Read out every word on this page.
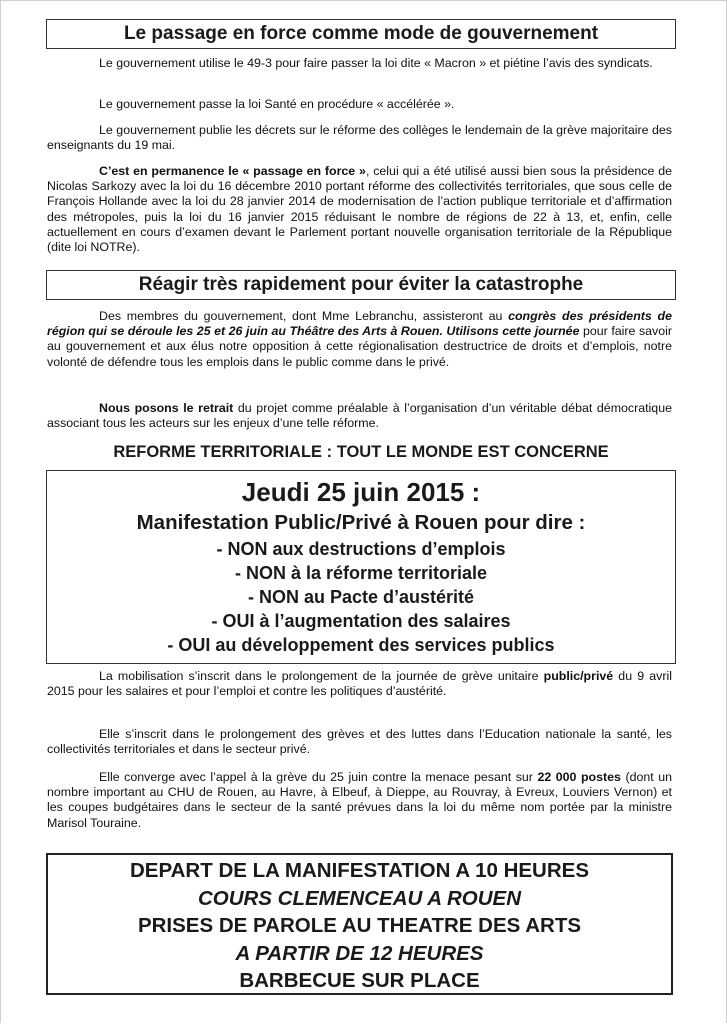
Le passage en force comme mode de gouvernement

Le gouvernement utilise le 49-3 pour faire passer la loi dite « Macron » et piétine l’avis des syndicats.

Le gouvernement passe la loi Santé en procédure « accélérée ».

Le gouvernement publie les décrets sur le réforme des collèges le lendemain de la grève majoritaire des enseignants du 19 mai.

C’est en permanence le « passage en force », celui qui a été utilisé aussi bien sous la présidence de Nicolas Sarkozy avec la loi du 16 décembre 2010 portant réforme des collectivités territoriales, que sous celle de François Hollande avec la loi du 28 janvier 2014 de modernisation de l’action publique territoriale et d’affirmation des métropoles, puis la loi du 16 janvier 2015 réduisant le nombre de régions de 22 à 13, et, enfin, celle actuellement en cours d’examen devant le Parlement portant nouvelle organisation territoriale de la République (dite loi NOTRe).

Réagir très rapidement pour éviter la catastrophe

Des membres du gouvernement, dont Mme Lebranchu, assisteront au congrès des présidents de région qui se déroule les 25 et 26 juin au Théâtre des Arts à Rouen. Utilisons cette journée pour faire savoir au gouvernement et aux élus notre opposition à cette régionalisation destructrice de droits et d’emplois, notre volonté de défendre tous les emplois dans le public comme dans le privé.

Nous posons le retrait du projet comme préalable à l’organisation d’un véritable débat démocratique associant tous les acteurs sur les enjeux d’une telle réforme.

REFORME TERRITORIALE : TOUT LE MONDE EST CONCERNE
Jeudi 25 juin 2015 :
Manifestation Public/Privé à Rouen pour dire :
- NON aux destructions d’emplois
- NON à la réforme territoriale
- NON au Pacte d’austérité
- OUI à l’augmentation des salaires
- OUI au développement des services publics

La mobilisation s’inscrit dans le prolongement de la journée de grève unitaire public/privé du 9 avril 2015 pour les salaires et pour l’emploi et contre les politiques d’austérité.

Elle s’inscrit dans le prolongement des grèves et des luttes dans l’Education nationale la santé, les collectivités territoriales et dans le secteur privé.

Elle converge avec l’appel à la grève du 25 juin contre la menace pesant sur 22 000 postes (dont un nombre important au CHU de Rouen, au Havre, à Elbeuf, à Dieppe, au Rouvray, à Evreux, Louviers Vernon) et les coupes budgétaires dans le secteur de la santé prévues dans la loi du même nom portée par la ministre Marisol Touraine.

DEPART DE LA MANIFESTATION A 10 HEURES
COURS CLEMENCEAU A ROUEN
PRISES DE PAROLE AU THEATRE DES ARTS
A PARTIR DE 12 HEURES
BARBECUE SUR PLACE
